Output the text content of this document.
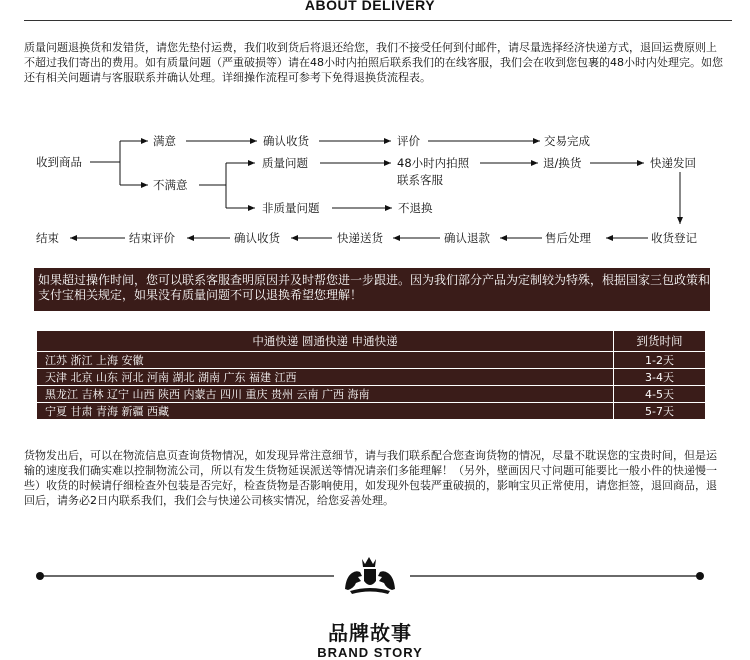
ABOUT DELIVERY
质量问题退换货和发错货，请您先垫付运费，我们收到货后将退还给您，我们不接受任何到付邮件，请尽量选择经济快递方式，退回运费原则上不超过我们寄出的费用。如有质量问题（严重破损等）请在48小时内拍照后联系我们的在线客服，我们会在收到您包裹的48小时内处理完。如您还有相关问题请与客服联系并确认处理。详细操作流程可参考下免得退换货流程表。
收到商品
满意	确认收货	评价	交易完成
不满意
质量问题	48小时内拍照
联系客服
退/换货	快递发回
非质量问题	不退换
结束	结束评价	确认收货	快递送货	确认退款	售后处理	收货登记
如果超过操作时间，您可以联系客服查明原因并及时帮您进一步跟进。因为我们部分产品为定制较为特殊，根据国家三包政策和支付宝相关规定，如果没有质量问题不可以退换希望您理解！
中通快递 圆通快递 申通快递	到货时间
江苏 浙江 上海 安徽	1-2天
天津 北京 山东 河北 河南 湖北 湖南 广东 福建 江西	3-4天
黑龙江 吉林 辽宁 山西 陕西 内蒙古 四川 重庆 贵州 云南 广西 海南	4-5天
宁夏 甘肃 青海 新疆 西藏	5-7天
货物发出后，可以在物流信息页查询货物情况，如发现异常注意细节，请与我们联系配合您查询货物的情况，尽量不耽误您的宝贵时间，但是运输的速度我们确实难以控制物流公司，所以有发生货物延误派送等情况请亲们多能理解！（另外，壁画因尺寸问题可能要比一般小件的快递慢一些）收货的时候请仔细检查外包装是否完好，检查货物是否影响使用，如发现外包装严重破损的，影响宝贝正常使用，请您拒签，退回商品，退回后，请务必2日内联系我们，我们会与快递公司核实情况，给您妥善处理。
品牌故事
BRAND STORY
